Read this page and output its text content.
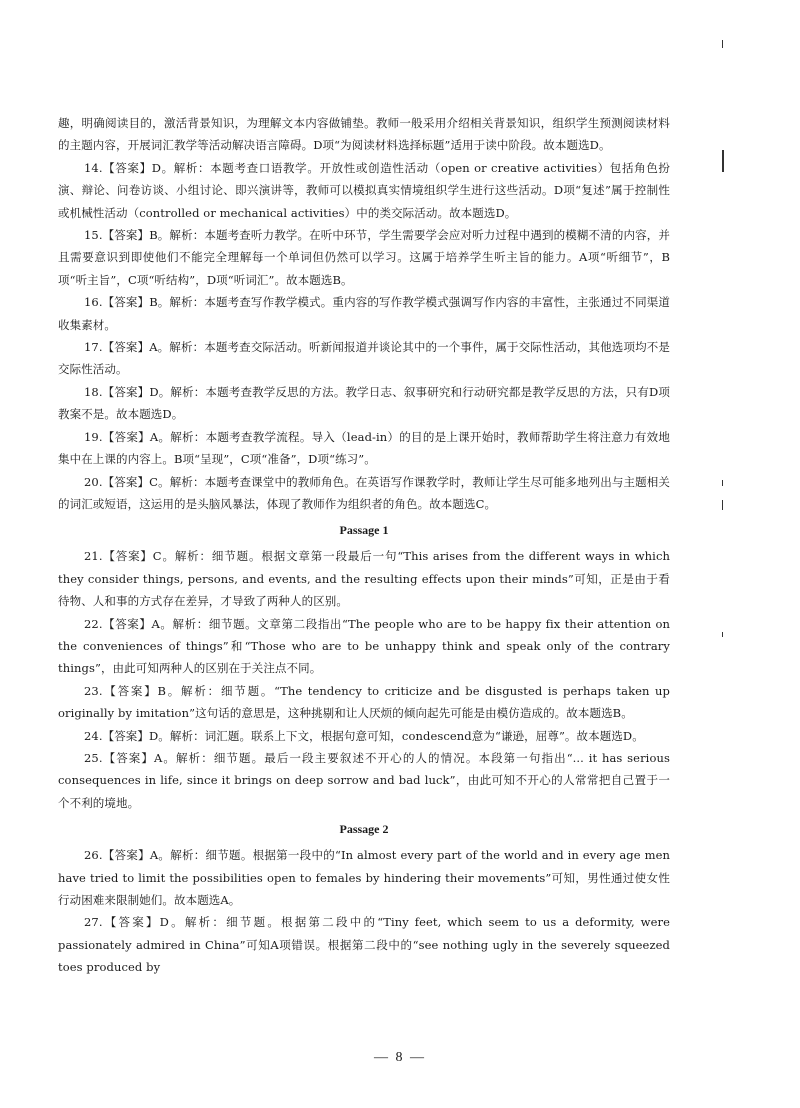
趣，明确阅读目的，激活背景知识，为理解文本内容做铺垫。教师一般采用介绍相关背景知识，组织学生预测阅读材料的主题内容，开展词汇教学等活动解决语言障碍。D项“为阅读材料选择标题”适用于读中阶段。故本题选D。

14.【答案】D。解析：本题考查口语教学。开放性或创造性活动（open or creative activities）包括角色扮演、辩论、问卷访谈、小组讨论、即兴演讲等，教师可以模拟真实情境组织学生进行这些活动。D项“复述”属于控制性或机械性活动（controlled or mechanical activities）中的类交际活动。故本题选D。

15.【答案】B。解析：本题考查听力教学。在听中环节，学生需要学会应对听力过程中遇到的模糊不清的内容，并且需要意识到即使他们不能完全理解每一个单词但仍然可以学习。这属于培养学生听主旨的能力。A项“听细节”，B项“听主旨”，C项“听结构”，D项“听词汇”。故本题选B。

16.【答案】B。解析：本题考查写作教学模式。重内容的写作教学模式强调写作内容的丰富性，主张通过不同渠道收集素材。

17.【答案】A。解析：本题考查交际活动。听新闻报道并谈论其中的一个事件，属于交际性活动，其他选项均不是交际性活动。

18.【答案】D。解析：本题考查教学反思的方法。教学日志、叙事研究和行动研究都是教学反思的方法，只有D项教案不是。故本题选D。

19.【答案】A。解析：本题考查教学流程。导入（lead-in）的目的是上课开始时，教师帮助学生将注意力有效地集中在上课的内容上。B项“呈现”，C项“准备”，D项“练习”。

20.【答案】C。解析：本题考查课堂中的教师角色。在英语写作课教学时，教师让学生尽可能多地列出与主题相关的词汇或短语，这运用的是头脑风暴法，体现了教师作为组织者的角色。故本题选C。

Passage 1

21.【答案】C。解析：细节题。根据文章第一段最后一句“This arises from the different ways in which they consider things, persons, and events, and the resulting effects upon their minds”可知，正是由于看待物、人和事的方式存在差异，才导致了两种人的区别。

22.【答案】A。解析：细节题。文章第二段指出“The people who are to be happy fix their attention on the conveniences of things”和“Those who are to be unhappy think and speak only of the contrary things”，由此可知两种人的区别在于关注点不同。

23.【答案】B。解析：细节题。“The tendency to criticize and be disgusted is perhaps taken up originally by imitation”这句话的意思是，这种挑剔和让人厌烦的倾向起先可能是由模仿造成的。故本题选B。

24.【答案】D。解析：词汇题。联系上下文，根据句意可知，condescend意为“谦逊，屈尊”。故本题选D。

25.【答案】A。解析：细节题。最后一段主要叙述不开心的人的情况。本段第一句指出“... it has serious consequences in life, since it brings on deep sorrow and bad luck”，由此可知不开心的人常常把自己置于一个不利的境地。

Passage 2

26.【答案】A。解析：细节题。根据第一段中的“In almost every part of the world and in every age men have tried to limit the possibilities open to females by hindering their movements”可知，男性通过使女性行动困难来限制她们。故本题选A。

27.【答案】D。解析：细节题。根据第二段中的“Tiny feet, which seem to us a deformity, were passionately admired in China”可知A项错误。根据第二段中的“see nothing ugly in the severely squeezed toes produced by

— 8 —
